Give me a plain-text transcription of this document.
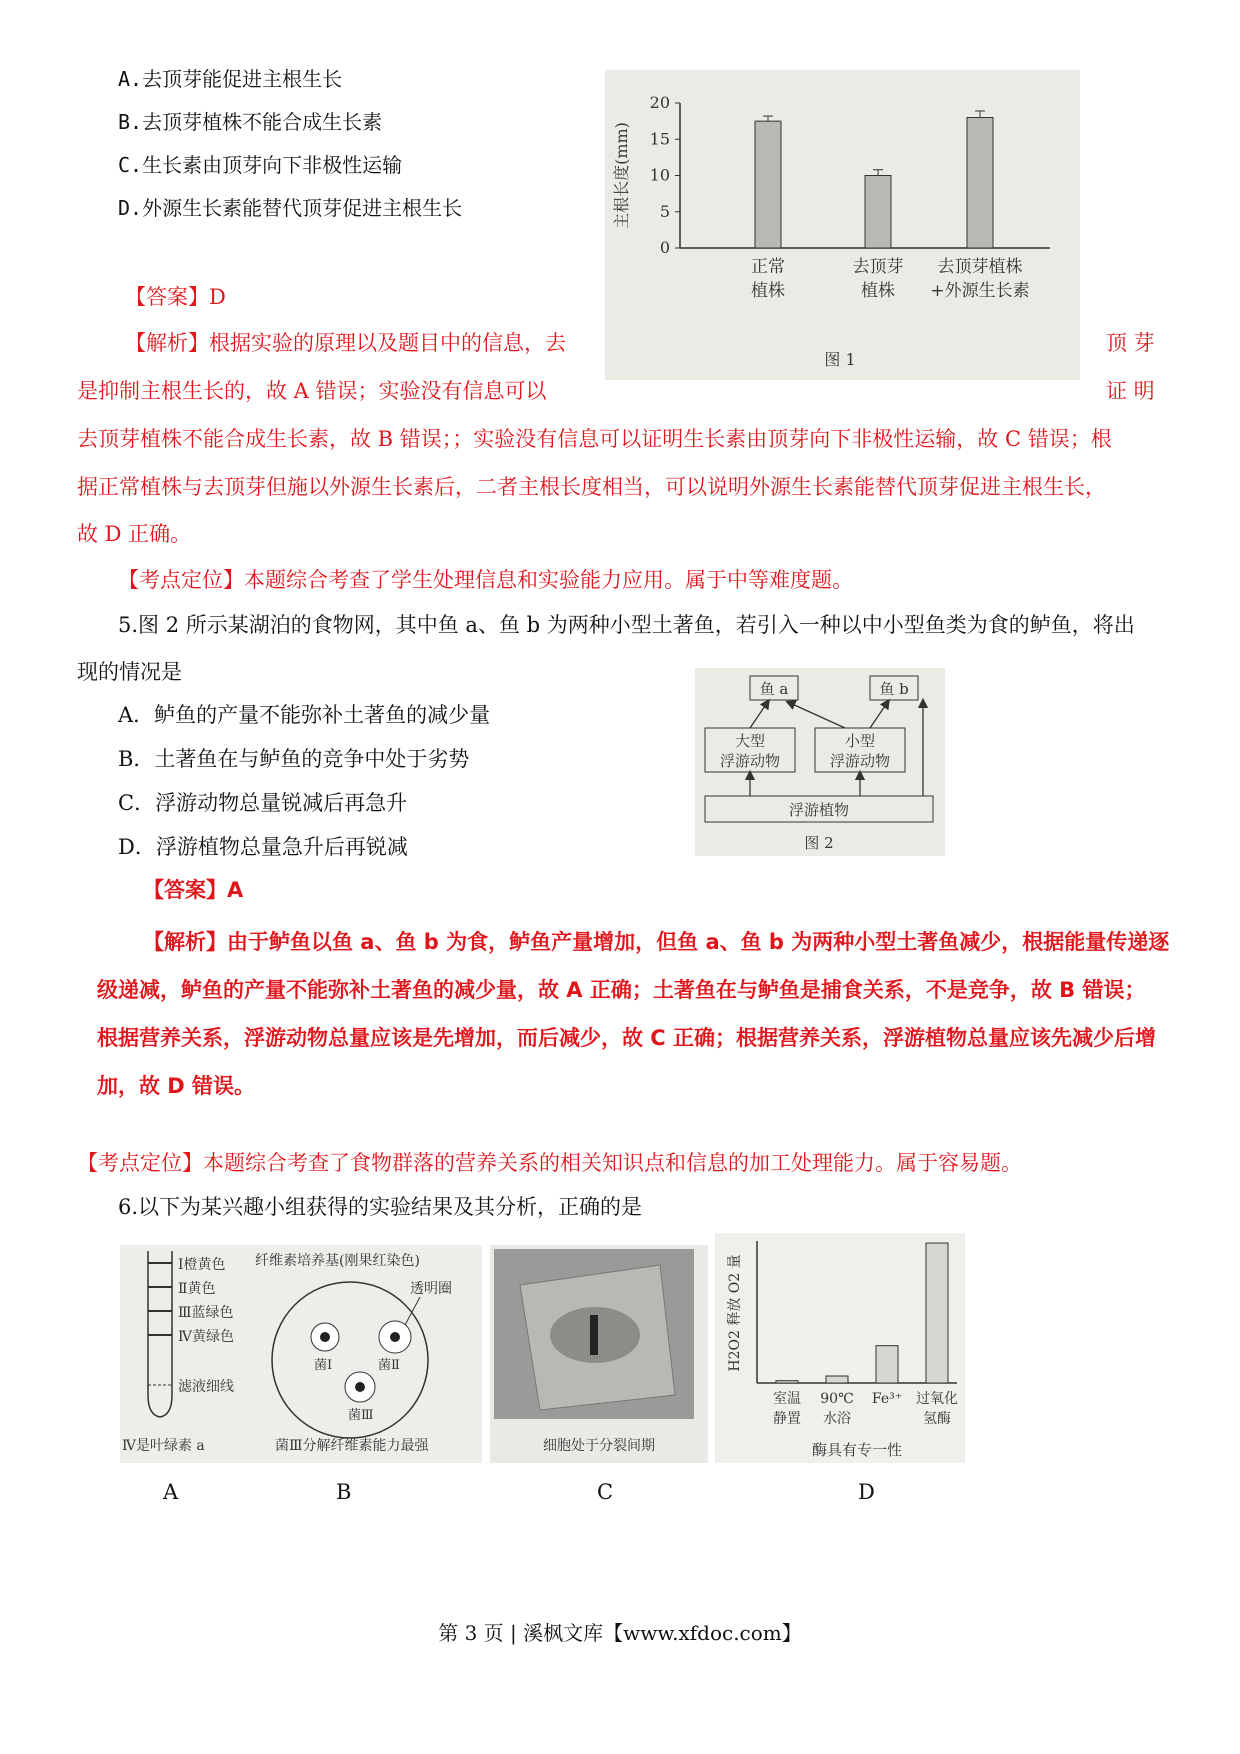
A.去顶芽能促进主根生长
B.去顶芽植株不能合成生长素
C.生长素由顶芽向下非极性运输
D.外源生长素能替代顶芽促进主根生长
0
5
10
15
20
主根长度(mm)
正常
植株
去顶芽
植株
去顶芽植株
+外源生长素
图 1
【答案】D
【解析】根据实验的原理以及题目中的信息，去	顶 芽
是抑制主根生长的，故 A 错误；实验没有信息可以	证 明
去顶芽植株不能合成生长素，故 B 错误；；实验没有信息可以证明生长素由顶芽向下非极性运输，故 C 错误；根
据正常植株与去顶芽但施以外源生长素后，二者主根长度相当，可以说明外源生长素能替代顶芽促进主根生长，
故 D 正确。
【考点定位】本题综合考查了学生处理信息和实验能力应用。属于中等难度题。
5.图 2 所示某湖泊的食物网，其中鱼 a、鱼 b 为两种小型土著鱼，若引入一种以中小型鱼类为食的鲈鱼，将出
现的情况是
A．鲈鱼的产量不能弥补土著鱼的减少量
B．土著鱼在与鲈鱼的竞争中处于劣势
C．浮游动物总量锐减后再急升
D．浮游植物总量急升后再锐减
鱼 a	鱼 b
大型
浮游动物
小型
浮游动物
浮游植物
图 2
【答案】A
【解析】由于鲈鱼以鱼 a、鱼 b 为食，鲈鱼产量增加，但鱼 a、鱼 b 为两种小型土著鱼减少，根据能量传递逐
级递减，鲈鱼的产量不能弥补土著鱼的减少量，故 A 正确；土著鱼在与鲈鱼是捕食关系，不是竞争，故 B 错误；
根据营养关系，浮游动物总量应该是先增加，而后减少，故 C 正确；根据营养关系，浮游植物总量应该先减少后增
加，故 D 错误。
【考点定位】本题综合考查了食物群落的营养关系的相关知识点和信息的加工处理能力。属于容易题。
6.以下为某兴趣小组获得的实验结果及其分析，正确的是
Ⅰ橙黄色
Ⅱ黄色
Ⅲ蓝绿色
Ⅳ黄绿色
滤液细线
Ⅳ是叶绿素 a
纤维素培养基(刚果红染色)
透明圈
菌Ⅰ	菌Ⅱ
菌Ⅲ
菌Ⅲ分解纤维素能力最强	细胞处于分裂间期
H2O2 释放 O2 量
室温
静置
90℃
水浴
Fe³⁺ 过氧化
氢酶
酶具有专一性
A	B	C	D
第 3 页 | 溪枫文库【www.xfdoc.com】
